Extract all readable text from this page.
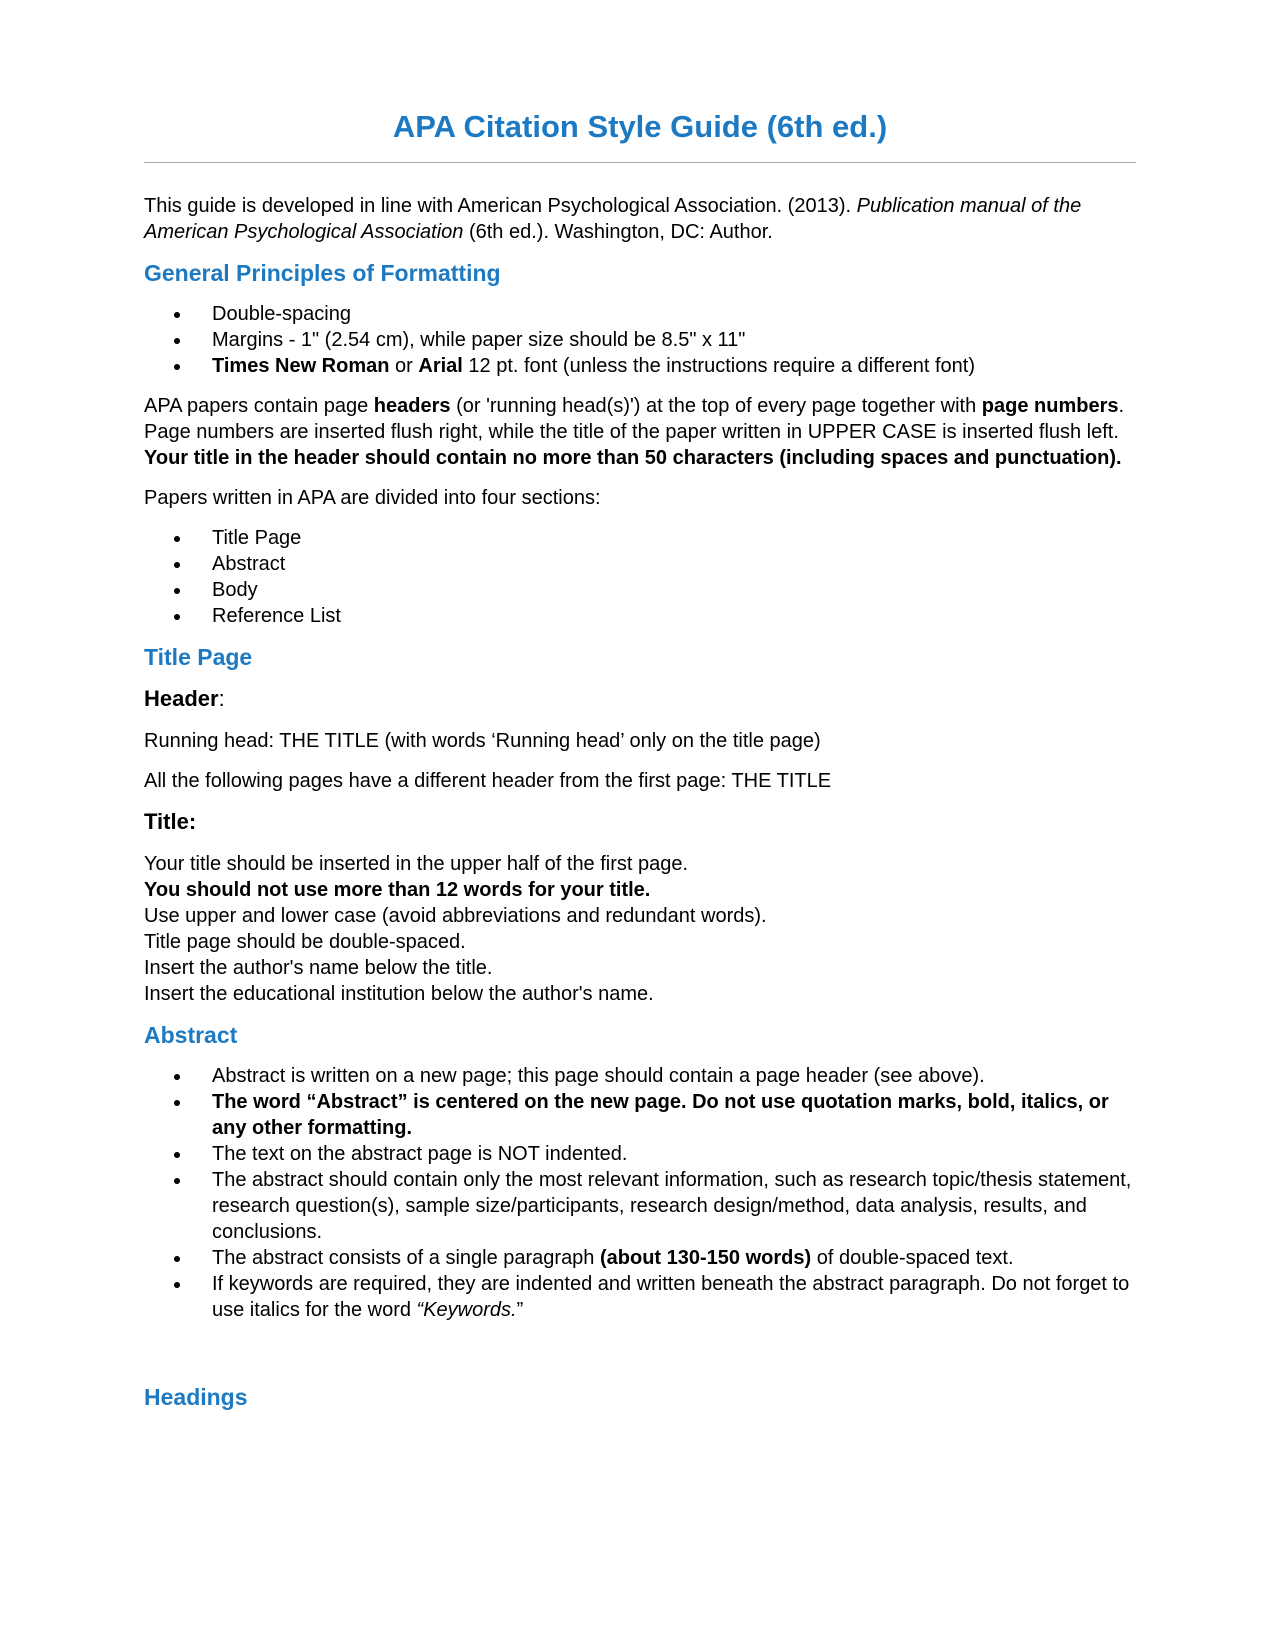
APA Citation Style Guide (6th ed.)

This guide is developed in line with American Psychological Association. (2013). Publication manual of the American Psychological Association (6th ed.). Washington, DC: Author.

General Principles of Formatting
• Double-spacing
• Margins - 1" (2.54 cm), while paper size should be 8.5" x 11"
• Times New Roman or Arial 12 pt. font (unless the instructions require a different font)

APA papers contain page headers (or 'running head(s)') at the top of every page together with page numbers. Page numbers are inserted flush right, while the title of the paper written in UPPER CASE is inserted flush left. Your title in the header should contain no more than 50 characters (including spaces and punctuation).

Papers written in APA are divided into four sections:

• Title Page
• Abstract
• Body
• Reference List
Title Page
Header:

Running head: THE TITLE (with words ‘Running head’ only on the title page)

All the following pages have a different header from the first page: THE TITLE

Title:

Your title should be inserted in the upper half of the first page.

You should not use more than 12 words for your title.

Use upper and lower case (avoid abbreviations and redundant words).

Title page should be double-spaced.

Insert the author's name below the title.

Insert the educational institution below the author's name.

Abstract
• Abstract is written on a new page; this page should contain a page header (see above).
• The word “Abstract” is centered on the new page. Do not use quotation marks, bold, italics, or any other formatting.
• The text on the abstract page is NOT indented.
• The abstract should contain only the most relevant information, such as research topic/thesis statement, research question(s), sample size/participants, research design/method, data analysis, results, and conclusions.
• The abstract consists of a single paragraph (about 130-150 words) of double-spaced text.
• If keywords are required, they are indented and written beneath the abstract paragraph. Do not forget to use italics for the word “Keywords.”
Headings
